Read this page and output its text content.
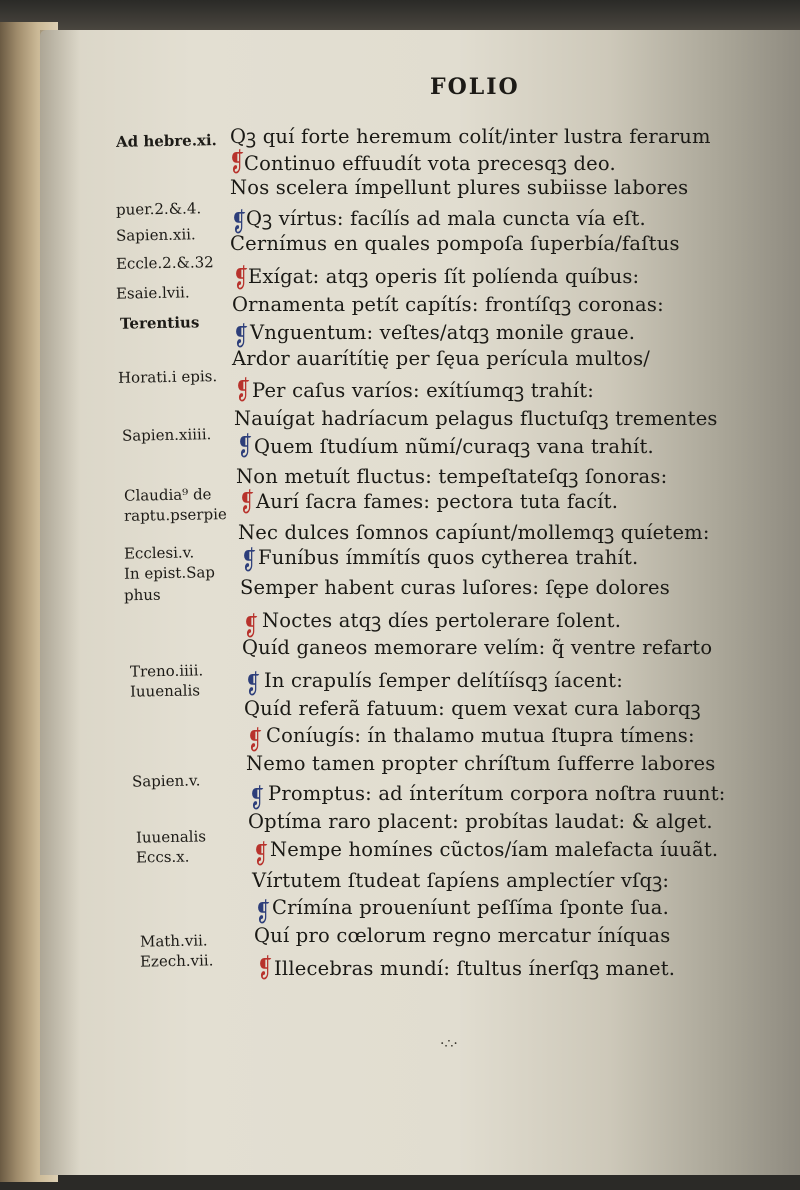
FOLIO
Ad hebre.xi.
puer.2.&.4.
Sapien.xii.
Eccle.2.&.32
Esaie.lvii.
Terentius
Horati.i epis.
Sapien.xiiii.
Claudia⁹ de
raptu.pserpie
Ecclesi.v.
In epist.Sap
phus
Treno.iiii.
Iuuenalis
Sapien.v.
Iuuenalis
Eccs.x.
Math.vii.
Ezech.vii.
❡
❡
❡
❡
❡
❡
❡
❡
❡
❡
❡
❡
❡
❡
❡
Qꝫ quí forte heremum colít/inter lustra ferarum
Continuo effuudít vota precesqꝫ deo.
Nos scelera ímpellunt plures subiisse labores
Qꝫ vírtus: facílís ad mala cuncta vía eſt.
Cernímus en quales pompoſa ſuperbía/faſtus
Exígat: atqꝫ operis ſít políenda quíbus:
Ornamenta petít capítís: frontíſqꝫ coronas:
Vnguentum: veſtes/atqꝫ monile graue.
Ardor auarítítię per ſęua perícula multos/
Per caſus varíos: exítíumqꝫ trahít:
Nauígat hadríacum pelagus fluctuſqꝫ trementes
Quem ſtudíum nũmí/curaqꝫ vana trahít.
Non metuít fluctus: tempeſtateſqꝫ ſonoras:
Aurí ſacra fames: pectora tuta facít.
Nec dulces ſomnos capíunt/mollemqꝫ quíetem:
Funíbus ímmítís quos cytherea trahít.
Semper habent curas luſores: ſępe dolores
Noctes atqꝫ díes pertolerare ſolent.
Quíd ganeos memorare velím: q̃ ventre refarto
In crapulís ſemper delítíísqꝫ íacent:
Quíd referã fatuum: quem vexat cura laborqꝫ
Coníugís: ín thalamo mutua ſtupra tímens:
Nemo tamen propter chríſtum ſufferre labores
Promptus: ad ínterítum corpora noſtra ruunt:
Optíma raro placent: probítas laudat: & alget.
Nempe homínes cũctos/íam malefacta íuuãt.
Vírtutem ſtudeat ſapíens amplectíer vſqꝫ:
Crímína proueníunt peſſíma ſponte ſua.
Quí pro cœlorum regno mercatur íníquas
Illecebras mundí: ſtultus ínerſqꝫ manet.
·∴·
